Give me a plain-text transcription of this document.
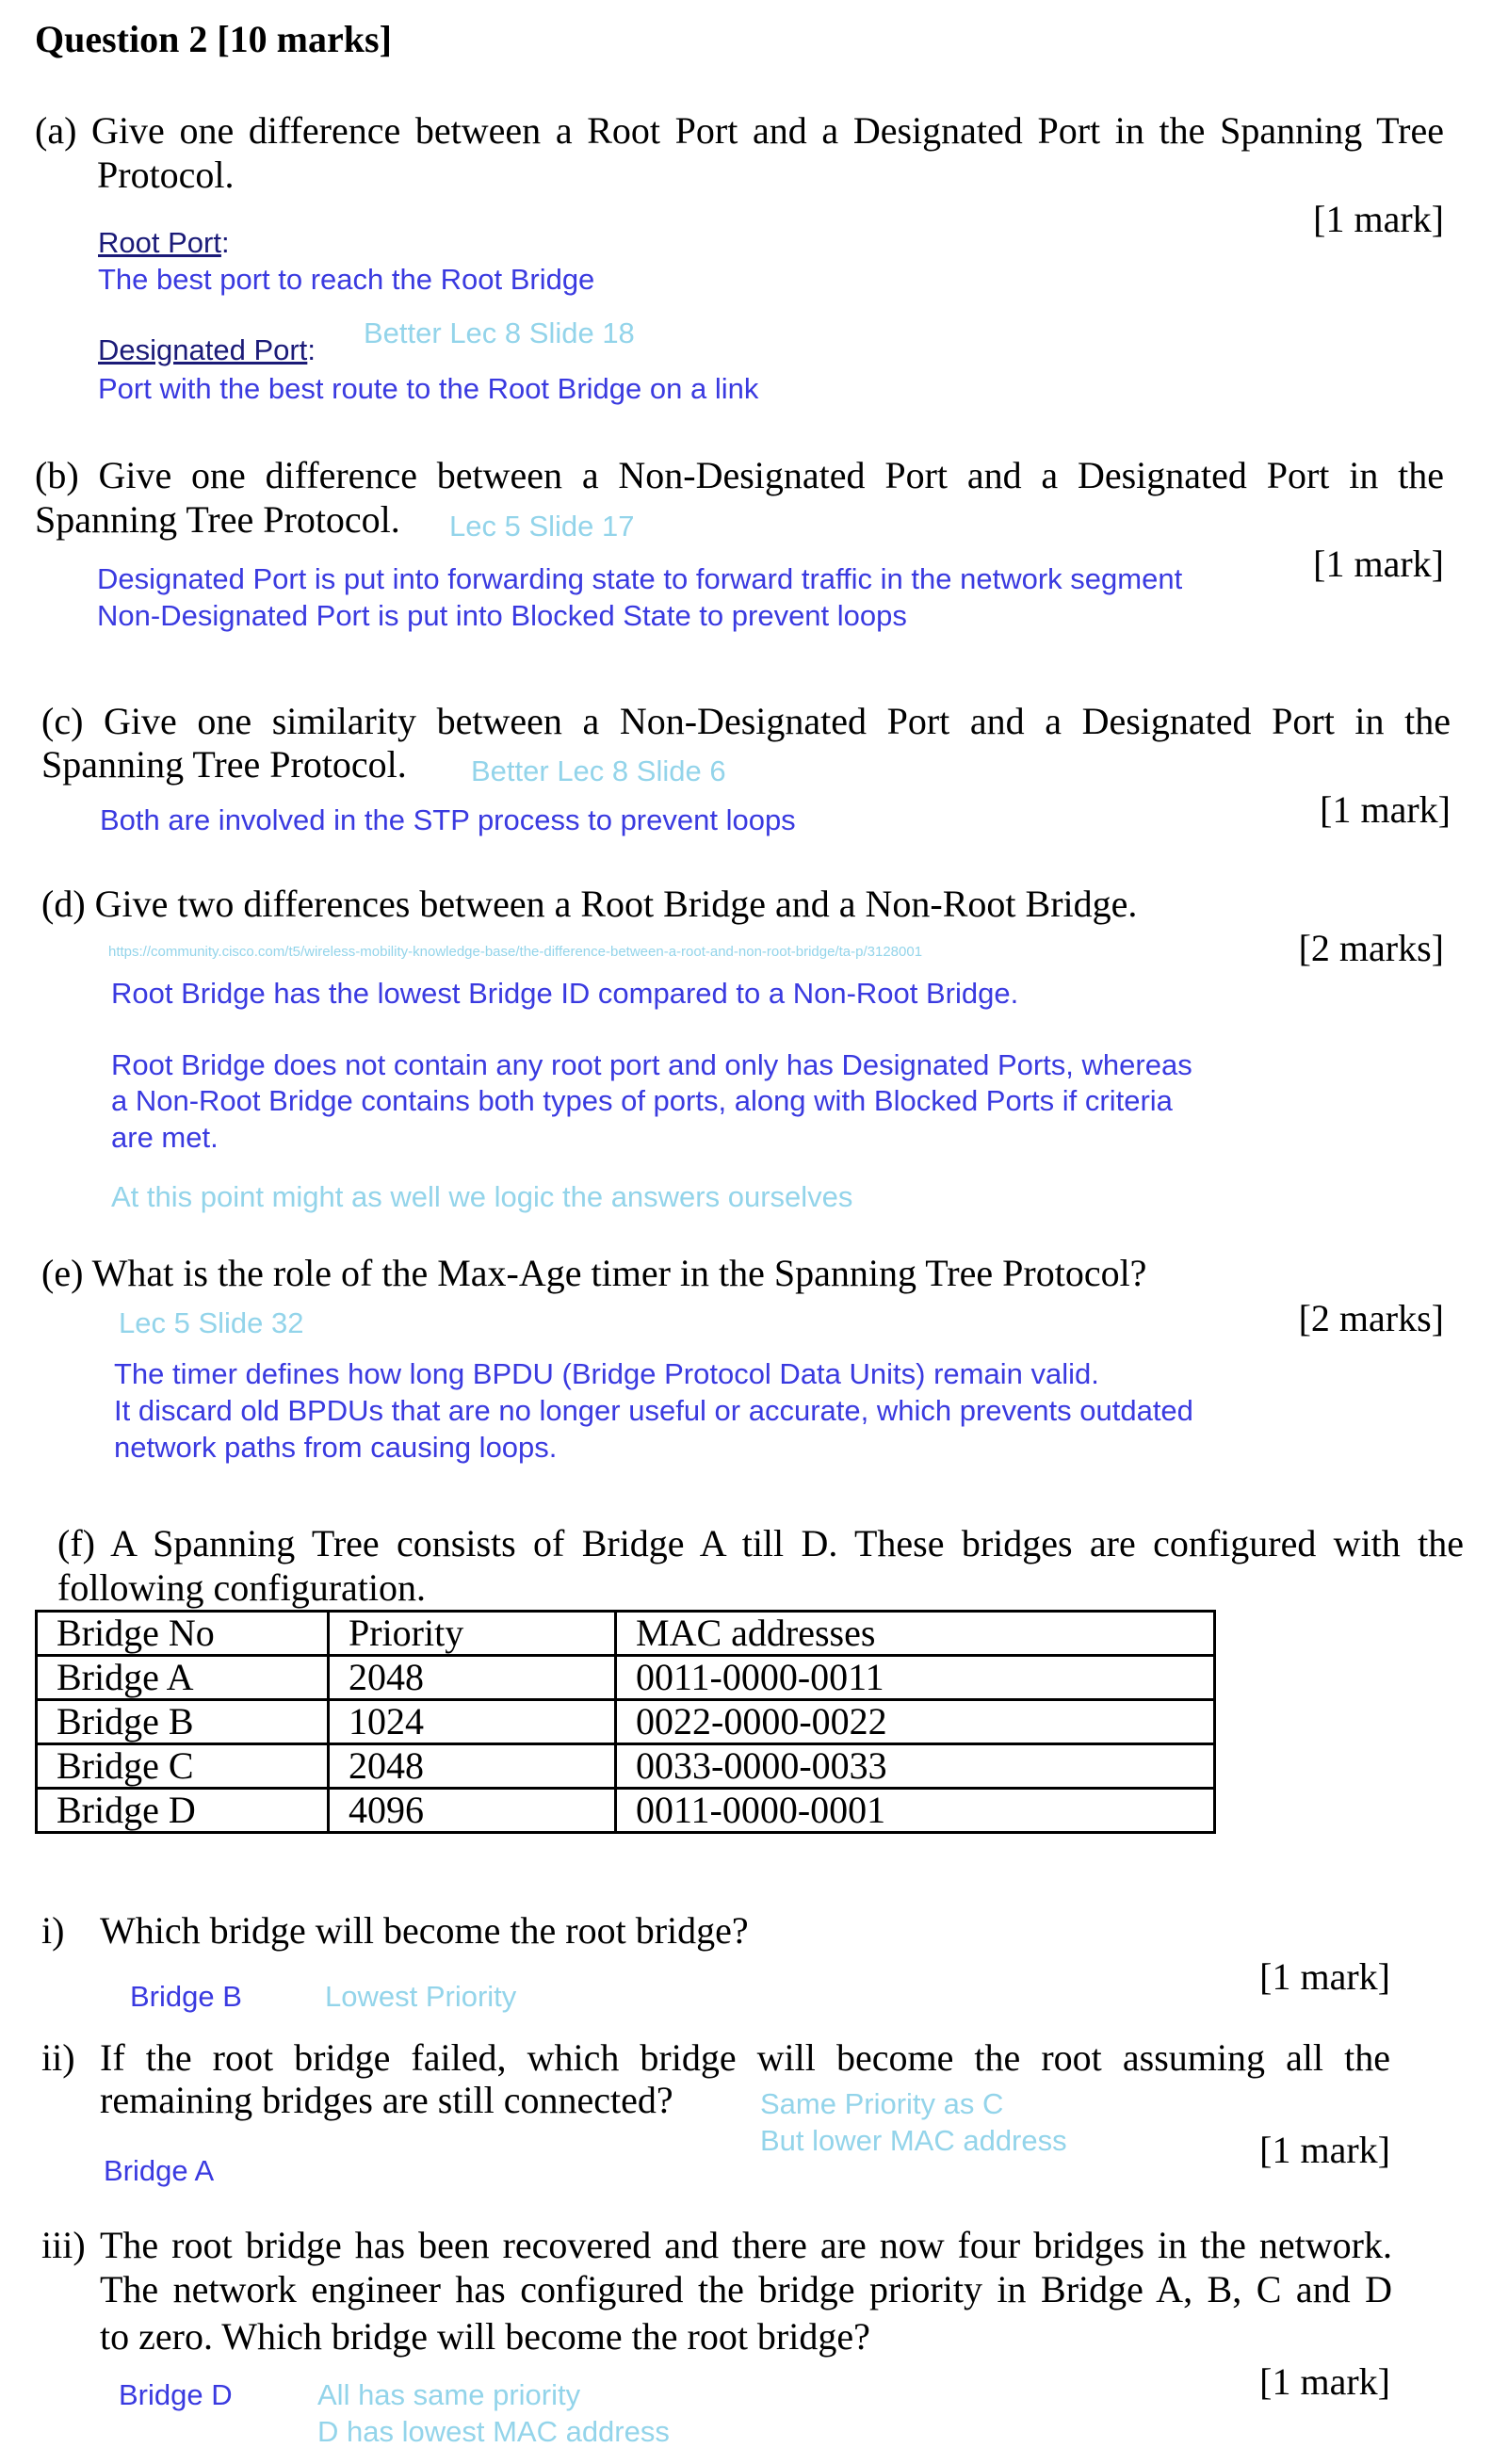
Question 2 [10 marks]
(a) Give one difference between a Root Port and a Designated Port in the Spanning Tree
Protocol.
[1 mark]
Root Port:
The best port to reach the Root Bridge
Better Lec 8 Slide 18
Designated Port:
Port with the best route to the Root Bridge on a link
(b) Give one difference between a Non-Designated Port and a Designated Port in the
Spanning Tree Protocol. Lec 5 Slide 17
[1 mark]
Designated Port is put into forwarding state to forward traffic in the network segment
Non-Designated Port is put into Blocked State to prevent loops
(c) Give one similarity between a Non-Designated Port and a Designated Port in the
Spanning Tree Protocol. Better Lec 8 Slide 6
[1 mark]
Both are involved in the STP process to prevent loops
(d) Give two differences between a Root Bridge and a Non-Root Bridge.
https://community.cisco.com/t5/wireless-mobility-knowledge-base/the-difference-between-a-root-and-non-root-bridge/ta-p/3128001	[2 marks]
Root Bridge has the lowest Bridge ID compared to a Non-Root Bridge.
Root Bridge does not contain any root port and only has Designated Ports, whereas
a Non-Root Bridge contains both types of ports, along with Blocked Ports if criteria
are met.
At this point might as well we logic the answers ourselves
(e) What is the role of the Max-Age timer in the Spanning Tree Protocol?
Lec 5 Slide 32	[2 marks]
The timer defines how long BPDU (Bridge Protocol Data Units) remain valid.
It discard old BPDUs that are no longer useful or accurate, which prevents outdated
network paths from causing loops.
(f) A Spanning Tree consists of Bridge A till D. These bridges are configured with the
following configuration.
Bridge No	Priority	MAC addresses
Bridge A	2048	0011-0000-0011
Bridge B	1024	0022-0000-0022
Bridge C	2048	0033-0000-0033
Bridge D	4096	0011-0000-0001
i) Which bridge will become the root bridge?
[1 mark]
Bridge B	Lowest Priority
ii) If the root bridge failed, which bridge will become the root assuming all the
remaining bridges are still connected?	Same Priority as C
But lower MAC address	[1 mark]
Bridge A
iii) The root bridge has been recovered and there are now four bridges in the network.
The network engineer has configured the bridge priority in Bridge A, B, C and D
to zero. Which bridge will become the root bridge?
[1 mark]
Bridge D	All has same priority
D has lowest MAC address
